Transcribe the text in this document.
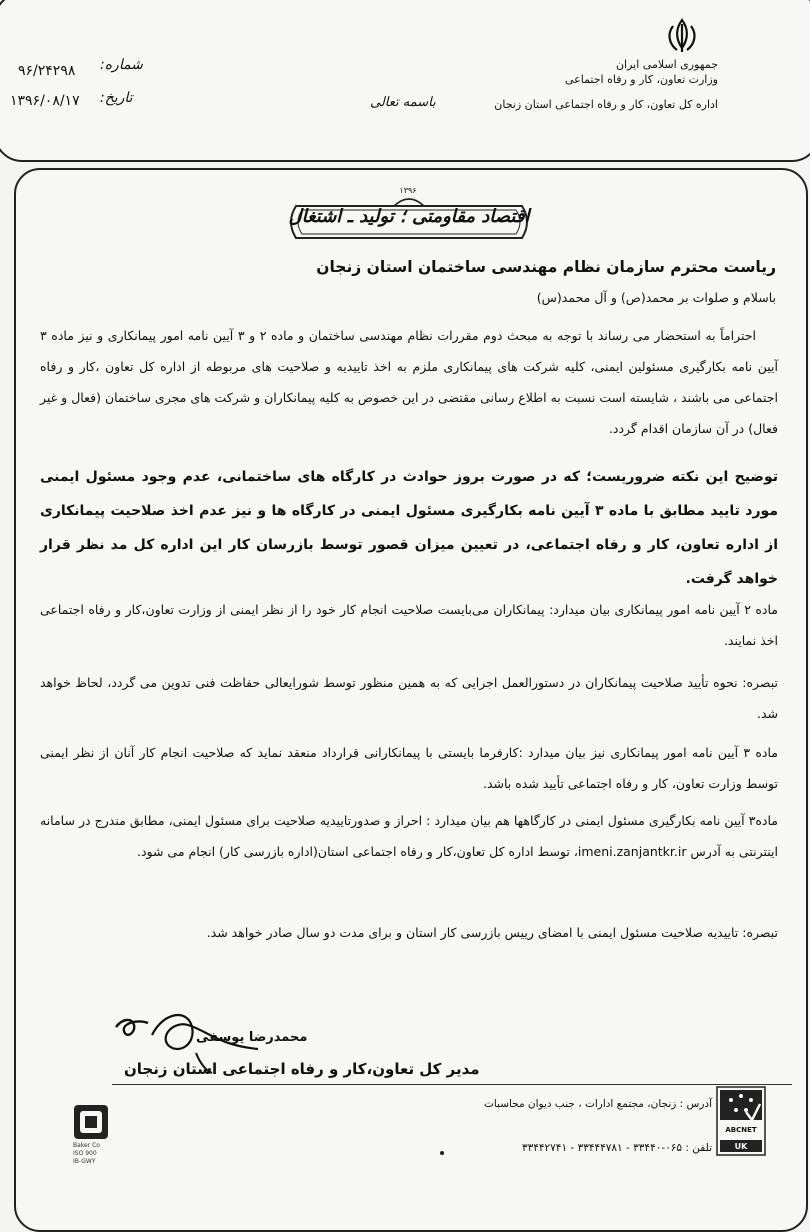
جمهوری اسلامی ایران
وزارت تعاون، کار و رفاه اجتماعی
اداره کل تعاون، کار و رفاه اجتماعی استان زنجان
باسمه تعالی
شماره:
۹۶/۲۴۲۹۸
تاریخ:
۱۳۹۶/۰۸/۱۷
۱۳۹۶
اقتصاد مقاومتی ؛ تولید ـ اشتغال
ریاست محترم سازمان نظام مهندسی ساختمان استان زنجان
باسلام و صلوات بر محمد(ص) و آل محمد(س)
احتراماً به استحضار می رساند با توجه به مبحث دوم مقررات نظام مهندسی ساختمان و ماده ۲ و ۳ آیین نامه امور پیمانکاری و نیز ماده ۳ آیین نامه بکارگیری مسئولین ایمنی، کلیه شرکت های پیمانکاری ملزم به اخذ تاییدیه و صلاحیت های مربوطه از اداره کل تعاون ،کار و رفاه اجتماعی می باشند ، شایسته است نسبت به اطلاع رسانی مقتضی در این خصوص به کلیه پیمانکاران و شرکت های مجری ساختمان (فعال و غیر فعال) در آن سازمان اقدام گردد.
توضیح این نکته ضروریست؛ که در صورت بروز حوادث در کارگاه های ساختمانی، عدم وجود مسئول ایمنی مورد تایید مطابق با ماده ۳ آیین نامه بکارگیری مسئول ایمنی در کارگاه ها و نیز عدم اخذ صلاحیت پیمانکاری از اداره تعاون، کار و رفاه اجتماعی، در تعیین میزان قصور توسط بازرسان کار این اداره کل مد نظر قرار خواهد گرفت.
ماده ۲ آیین نامه امور پیمانکاری بیان میدارد: پیمانکاران می‌بایست صلاحیت انجام کار خود را از نظر ایمنی از وزارت تعاون،کار و رفاه اجتماعی اخذ نمایند.
تبصره: نحوه تأیید صلاحیت پیمانکاران در دستورالعمل اجرایی که به همین منظور توسط شورایعالی حفاظت فنی تدوین می گردد، لحاظ خواهد شد.
ماده ۳ آیین نامه امور پیمانکاری نیز بیان میدارد :کارفرما بایستی با پیمانکارانی قرارداد منعقد نماید که صلاحیت انجام کار آنان از نظر ایمنی توسط وزارت تعاون، کار و رفاه اجتماعی تأیید شده باشد.
ماده۳ آیین نامه بکارگیری مسئول ایمنی در کارگاهها هم بیان میدارد : احراز و صدورتاییدیه صلاحیت برای مسئول ایمنی، مطابق مندرج در سامانه اینترنتی به آدرس imeni.zanjantkr.ir، توسط اداره کل تعاون،کار و رفاه اجتماعی استان(اداره بازرسی کار) انجام می شود.
تبصره: تاییدیه صلاحیت مسئول ایمنی با امضای رییس بازرسی کار استان و برای مدت دو سال صادر خواهد شد.
محمدرضا یوسفی
مدیر کل تعاون،کار و رفاه اجتماعی استان زنجان
آدرس : زنجان، مجتمع ادارات ، جنب دیوان محاسبات
تلفن : ۰۶۵-۳۳۴۴۰ - ۳۳۴۴۴۷۸۱ - ۳۳۴۴۲۷۴۱
Baker Co
ISO 900
IB-GWY
ABCNET
UK
